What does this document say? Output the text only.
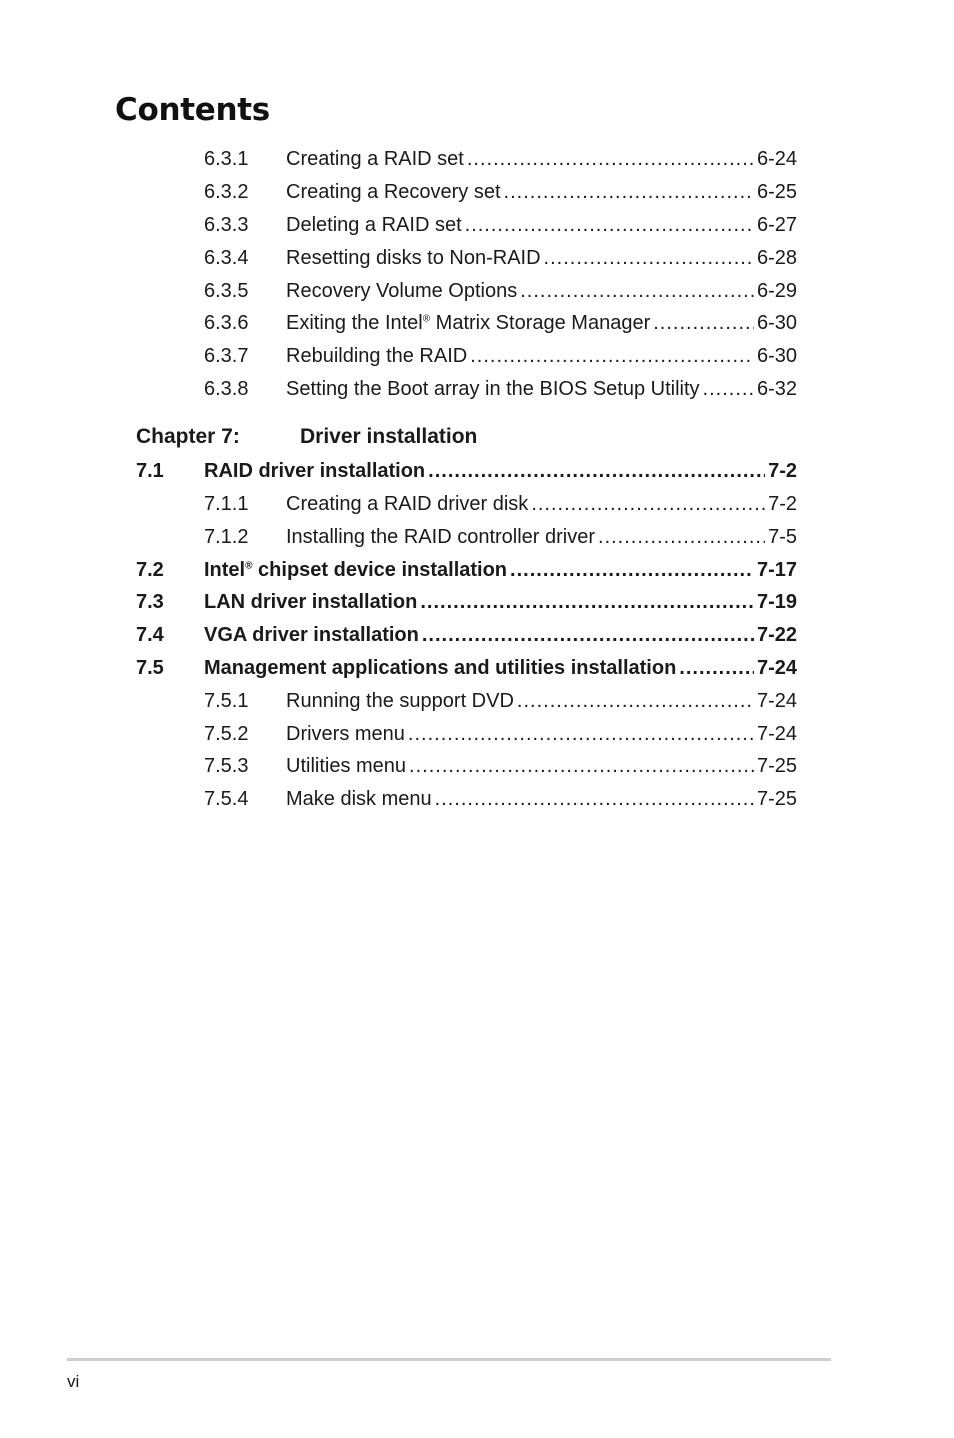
Contents
6.3.1 Creating a RAID set .....	6-24
6.3.2 Creating a Recovery set .....	6-25
6.3.3 Deleting a RAID set .....	6-27
6.3.4 Resetting disks to Non-RAID .....	6-28
6.3.5 Recovery Volume Options .....	6-29
6.3.6 Exiting the Intel® Matrix Storage Manager .....	6-30
6.3.7 Rebuilding the RAID .....	6-30
6.3.8 Setting the Boot array in the BIOS Setup Utility .....	6-32
Chapter 7:	Driver installation
7.1 RAID driver installation .....	7-2
7.1.1 Creating a RAID driver disk .....	7-2
7.1.2 Installing the RAID controller driver .....	7-5
7.2 Intel® chipset device installation .....	7-17
7.3 LAN driver installation .....	7-19
7.4 VGA driver installation .....	7-22
7.5 Management applications and utilities installation .....	7-24
7.5.1 Running the support DVD .....	7-24
7.5.2 Drivers menu .....	7-24
7.5.3 Utilities menu .....	7-25
7.5.4 Make disk menu .....	7-25
vi
